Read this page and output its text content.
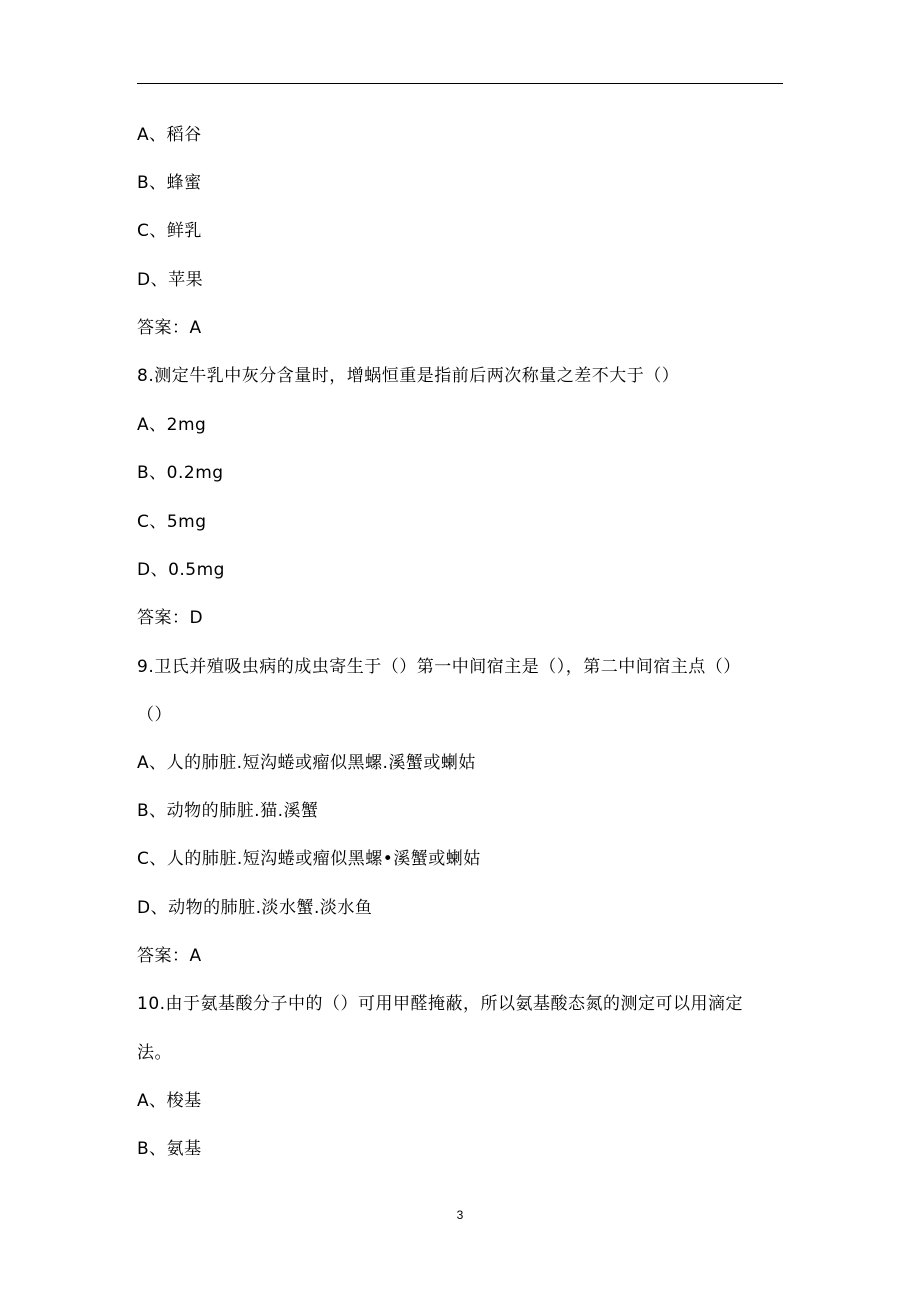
A、稻谷
B、蜂蜜
C、鲜乳
D、苹果
答案：A
8.测定牛乳中灰分含量时，增蜗恒重是指前后两次称量之差不大于（）
A、2mg
B、0.2mg
C、5mg
D、0.5mg
答案：D
9.卫氏并殖吸虫病的成虫寄生于（）第一中间宿主是（），第二中间宿主点（）
（）
A、人的肺脏.短沟蜷或瘤似黑螺.溪蟹或蝲姑
B、动物的肺脏.猫.溪蟹
C、人的肺脏.短沟蜷或瘤似黑螺•溪蟹或蝲姑
D、动物的肺脏.淡水蟹.淡水鱼
答案：A
10.由于氨基酸分子中的（）可用甲醛掩蔽，所以氨基酸态氮的测定可以用滴定
法。
A、梭基
B、氨基
3
